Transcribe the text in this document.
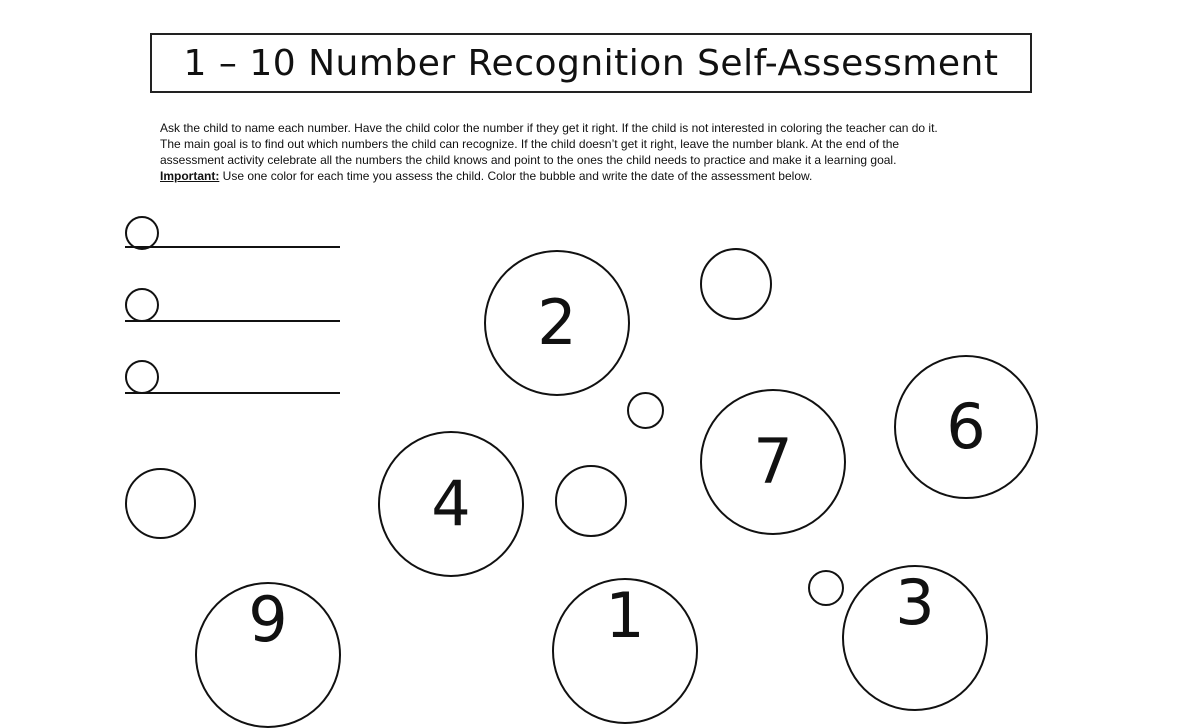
1 – 10 Number Recognition Self-Assessment

Ask the child to name each number. Have the child color the number if they get it right. If the child is not interested in coloring the teacher can do it.

The main goal is to find out which numbers the child can recognize. If the child doesn’t get it right, leave the number blank. At the end of the

assessment activity celebrate all the numbers the child knows and point to the ones the child needs to practice and make it a learning goal.

Important: Use one color for each time you assess the child. Color the bubble and write the date of the assessment below.

2
6
7
4
9	1	3
